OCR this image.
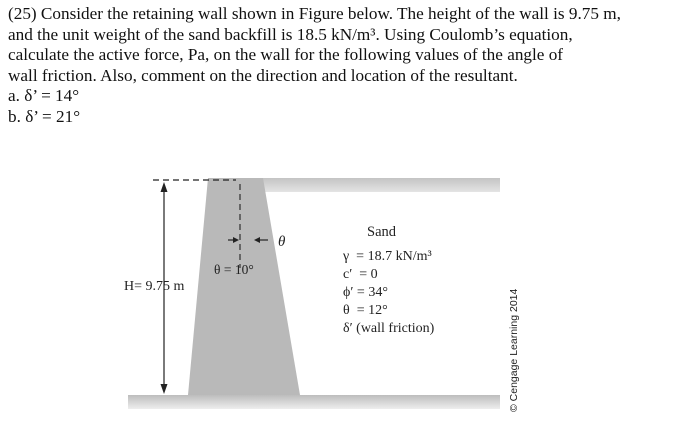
(25) Consider the retaining wall shown in Figure below. The height of the wall is 9.75 m,
and the unit weight of the sand backfill is 18.5 kN/m³. Using Coulomb’s equation,
calculate the active force, Pa, on the wall for the following values of the angle of
wall friction. Also, comment on the direction and location of the resultant.
a. δ’ = 14°
b. δ’ = 21°
θ
θ = 10°
H= 9.75 m
Sand
γ  = 18.7 kN/m³
c′  = 0
ϕ′ = 34°
θ  = 12°
δ′ (wall friction)	© Cengage Learning 2014
